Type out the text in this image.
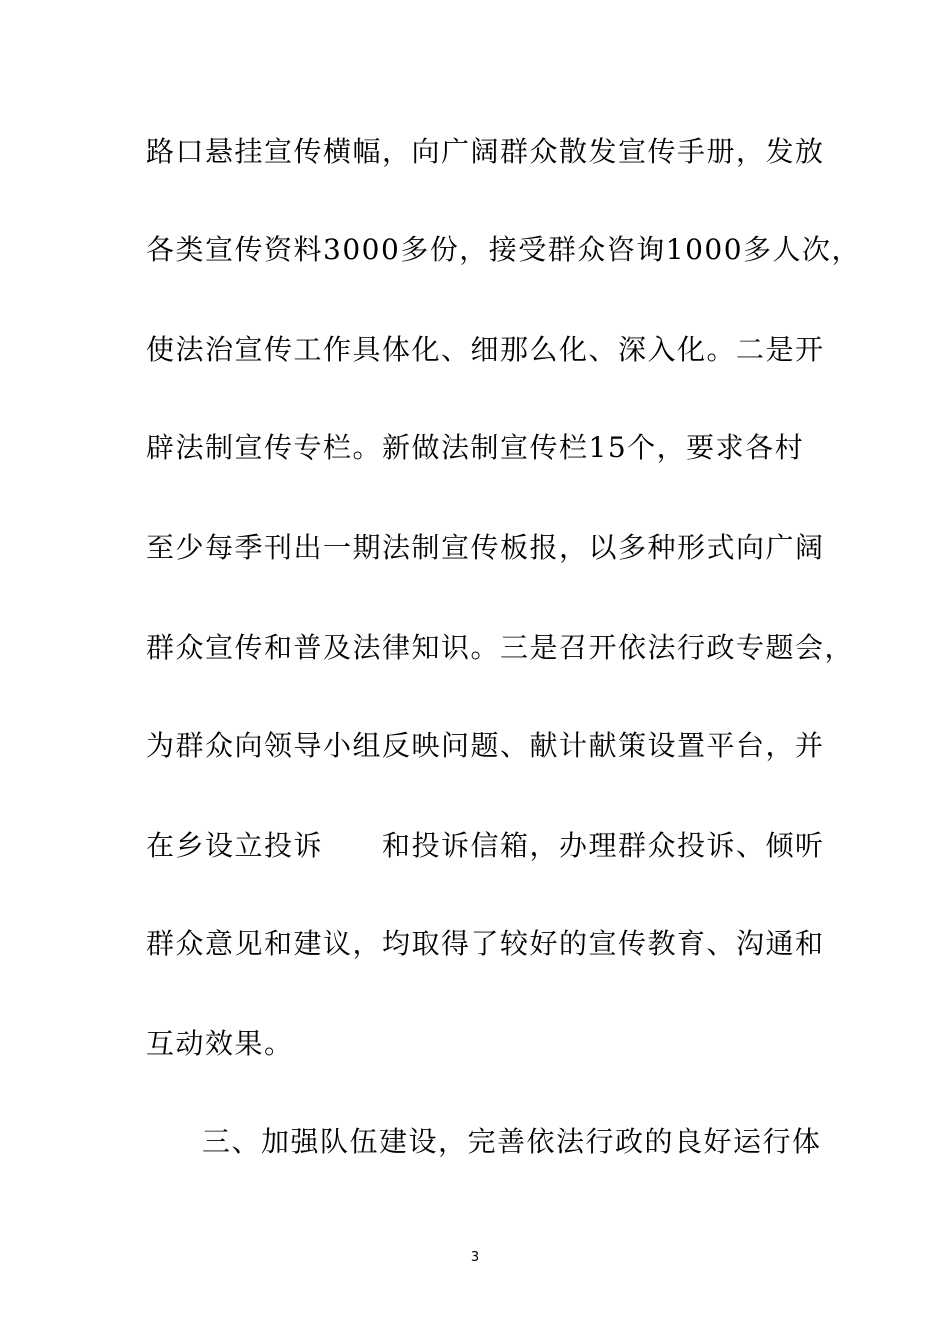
路口悬挂宣传横幅，向广阔群众散发宣传手册，发放
各类宣传资料3000多份，接受群众咨询1000多人次，
使法治宣传工作具体化、细那么化、深入化。二是开
辟法制宣传专栏。新做法制宣传栏15个，要求各村
至少每季刊出一期法制宣传板报，以多种形式向广阔
群众宣传和普及法律知识。三是召开依法行政专题会，
为群众向领导小组反映问题、献计献策设置平台，并
在乡设立投诉　　和投诉信箱，办理群众投诉、倾听
群众意见和建议，均取得了较好的宣传教育、沟通和
互动效果。
三、加强队伍建设，完善依法行政的良好运行体
3
